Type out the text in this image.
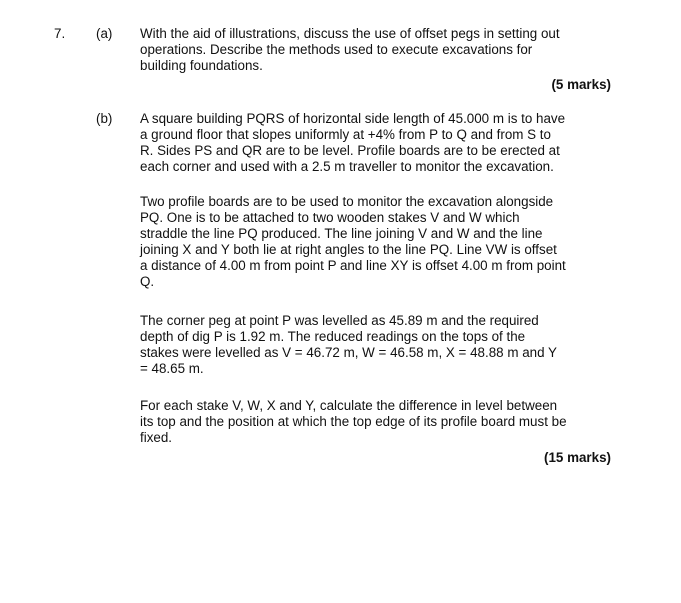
7. (a) With the aid of illustrations, discuss the use of offset pegs in setting out
operations. Describe the methods used to execute excavations for
building foundations.
(5 marks)
(b) A square building PQRS of horizontal side length of 45.000 m is to have
a ground floor that slopes uniformly at +4% from P to Q and from S to
R. Sides PS and QR are to be level. Profile boards are to be erected at
each corner and used with a 2.5 m traveller to monitor the excavation.
Two profile boards are to be used to monitor the excavation alongside
PQ. One is to be attached to two wooden stakes V and W which
straddle the line PQ produced. The line joining V and W and the line
joining X and Y both lie at right angles to the line PQ. Line VW is offset
a distance of 4.00 m from point P and line XY is offset 4.00 m from point
Q.
The corner peg at point P was levelled as 45.89 m and the required
depth of dig P is 1.92 m. The reduced readings on the tops of the
stakes were levelled as V = 46.72 m, W = 46.58 m, X = 48.88 m and Y
= 48.65 m.
For each stake V, W, X and Y, calculate the difference in level between
its top and the position at which the top edge of its profile board must be
fixed.
(15 marks)
